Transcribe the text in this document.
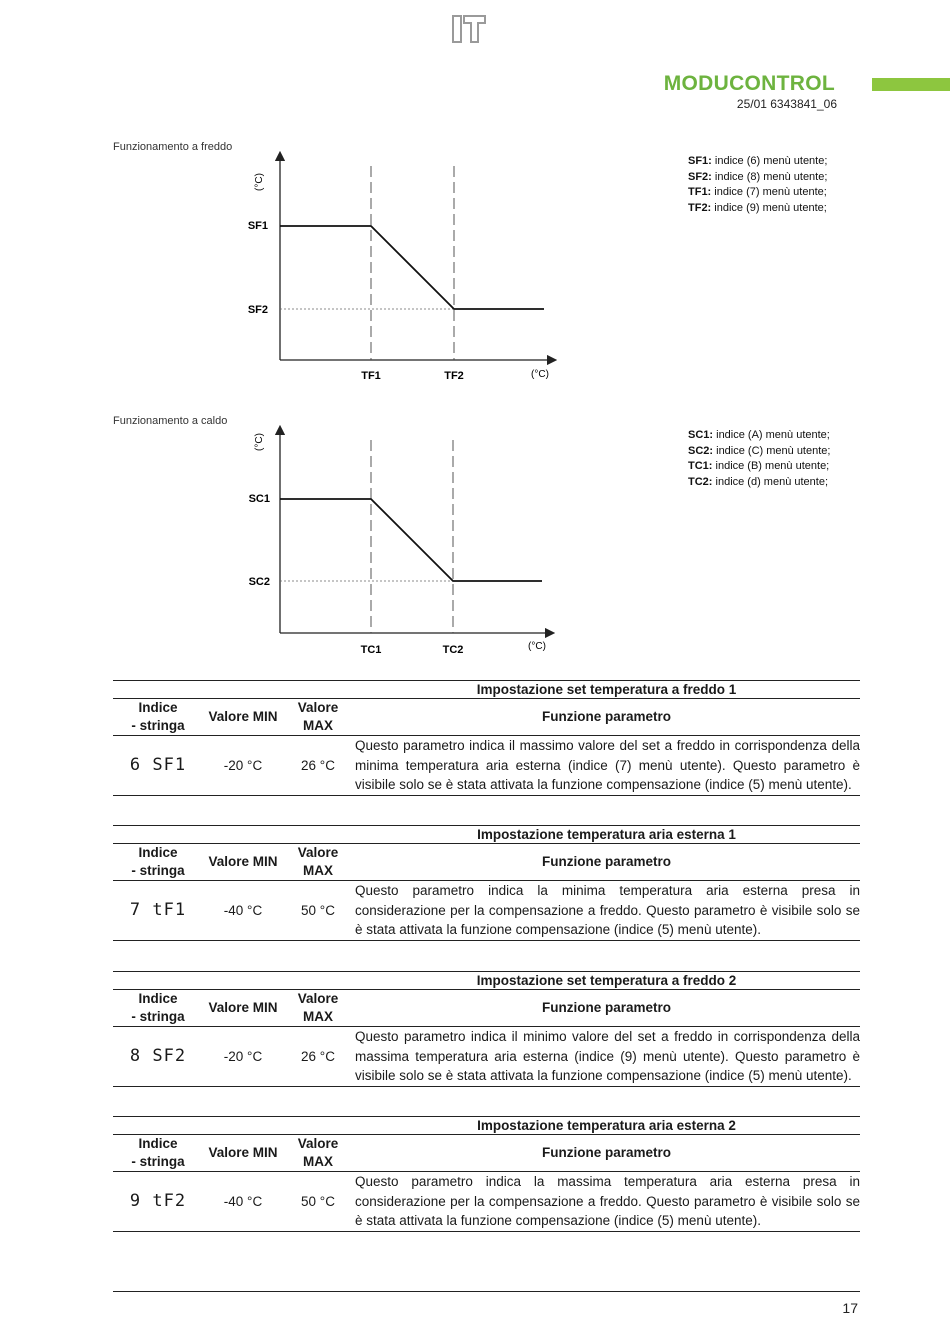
IT
MODUCONTROL
25/01 6343841_06
Funzionamento a freddo
(°C)
SF1
SF2
TF1	TF2	(°C)
SF1: indice (6) menù utente;
SF2: indice (8) menù utente;
TF1: indice (7) menù utente;
TF2: indice (9) menù utente;
Funzionamento a caldo
(°C)
SC1
SC2
TC1	TC2	(°C)
SC1: indice (A) menù utente;
SC2: indice (C) menù utente;
TC1: indice (B) menù utente;
TC2: indice (d) menù utente;
			Impostazione set temperatura a freddo 1
Indice
- stringa	Valore MIN	Valore MAX	Funzione parametro
6 SF1	-20 °C	26 °C	Questo parametro indica il massimo valore del set a freddo in corrispondenza della minima temperatura aria esterna (indice (7) menù utente). Questo parametro è visibile solo se è stata attivata la funzione compensazione (indice (5) menù utente).
			Impostazione temperatura aria esterna 1
Indice
- stringa	Valore MIN	Valore MAX	Funzione parametro
7 tF1	-40 °C	50 °C	Questo parametro indica la minima temperatura aria esterna presa in considerazione per la compensazione a freddo. Questo parametro è visibile solo se è stata attivata la funzione compensazione (indice (5) menù utente).
			Impostazione set temperatura a freddo 2
Indice
- stringa	Valore MIN	Valore MAX	Funzione parametro
8 SF2	-20 °C	26 °C	Questo parametro indica il minimo valore del set a freddo in corrispondenza della massima temperatura aria esterna (indice (9) menù utente). Questo parametro è visibile solo se è stata attivata la funzione compensazione (indice (5) menù utente).
			Impostazione temperatura aria esterna 2
Indice
- stringa	Valore MIN	Valore MAX	Funzione parametro
9 tF2	-40 °C	50 °C	Questo parametro indica la massima temperatura aria esterna presa in considerazione per la compensazione a freddo. Questo parametro è visibile solo se è stata attivata la funzione compensazione (indice (5) menù utente).
17
